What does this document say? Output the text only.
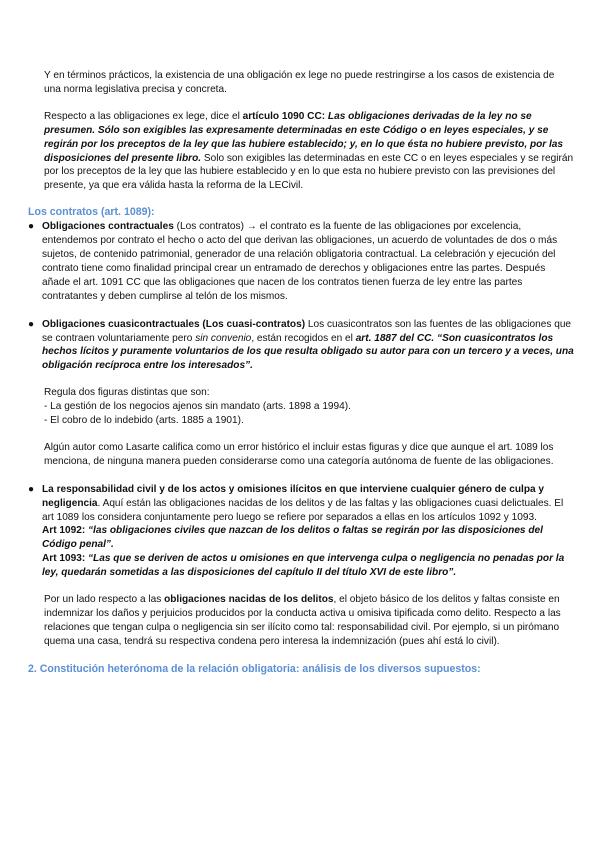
Y en términos prácticos, la existencia de una obligación ex lege no puede restringirse a los casos de existencia de una norma legislativa precisa y concreta.

Respecto a las obligaciones ex lege, dice el artículo 1090 CC: Las obligaciones derivadas de la ley no se presumen. Sólo son exigibles las expresamente determinadas en este Código o en leyes especiales, y se regirán por los preceptos de la ley que las hubiere establecido; y, en lo que ésta no hubiere previsto, por las disposiciones del presente libro. Solo son exigibles las determinadas en este CC o en leyes especiales y se regirán por los preceptos de la ley que las hubiere establecido y en lo que esta no hubiere previsto con las previsiones del presente, ya que era válida hasta la reforma de la LECivil.

Los contratos (art. 1089):

● Obligaciones contractuales (Los contratos) → el contrato es la fuente de las obligaciones por excelencia, entendemos por contrato el hecho o acto del que derivan las obligaciones, un acuerdo de voluntades de dos o más sujetos, de contenido patrimonial, generador de una relación obligatoria contractual. La celebración y ejecución del contrato tiene como finalidad principal crear un entramado de derechos y obligaciones entre las partes. Después añade el art. 1091 CC que las obligaciones que nacen de los contratos tienen fuerza de ley entre las partes contratantes y deben cumplirse al telón de los mismos.

● Obligaciones cuasicontractuales (Los cuasi-contratos) Los cuasicontratos son las fuentes de las obligaciones que se contraen voluntariamente pero sin convenio, están recogidos en el art. 1887 del CC. “Son cuasicontratos los hechos lícitos y puramente voluntarios de los que resulta obligado su autor para con un tercero y a veces, una obligación recíproca entre los interesados”.

Regula dos figuras distintas que son:

- La gestión de los negocios ajenos sin mandato (arts. 1898 a 1994).

- El cobro de lo indebido (arts. 1885 a 1901).

Algún autor como Lasarte califica como un error histórico el incluir estas figuras y dice que aunque el art. 1089 los menciona, de ninguna manera pueden considerarse como una categoría autónoma de fuente de las obligaciones.

● La responsabilidad civil y de los actos y omisiones ilícitos en que interviene cualquier género de culpa y negligencia. Aquí están las obligaciones nacidas de los delitos y de las faltas y las obligaciones cuasi delictuales. El art 1089 los considera conjuntamente pero luego se refiere por separados a ellas en los artículos 1092 y 1093.

Art 1092: “las obligaciones civiles que nazcan de los delitos o faltas se regirán por las disposiciones del Código penal”.

Art 1093: “Las que se deriven de actos u omisiones en que intervenga culpa o negligencia no penadas por la ley, quedarán sometidas a las disposiciones del capítulo II del título XVI de este libro”.

Por un lado respecto a las obligaciones nacidas de los delitos, el objeto básico de los delitos y faltas consiste en indemnizar los daños y perjuicios producidos por la conducta activa u omisiva tipificada como delito. Respecto a las relaciones que tengan culpa o negligencia sin ser ilícito como tal: responsabilidad civil. Por ejemplo, si un pirómano quema una casa, tendrá su respectiva condena pero interesa la indemnización (pues ahí está lo civil).

2. Constitución heterónoma de la relación obligatoria: análisis de los diversos supuestos:
